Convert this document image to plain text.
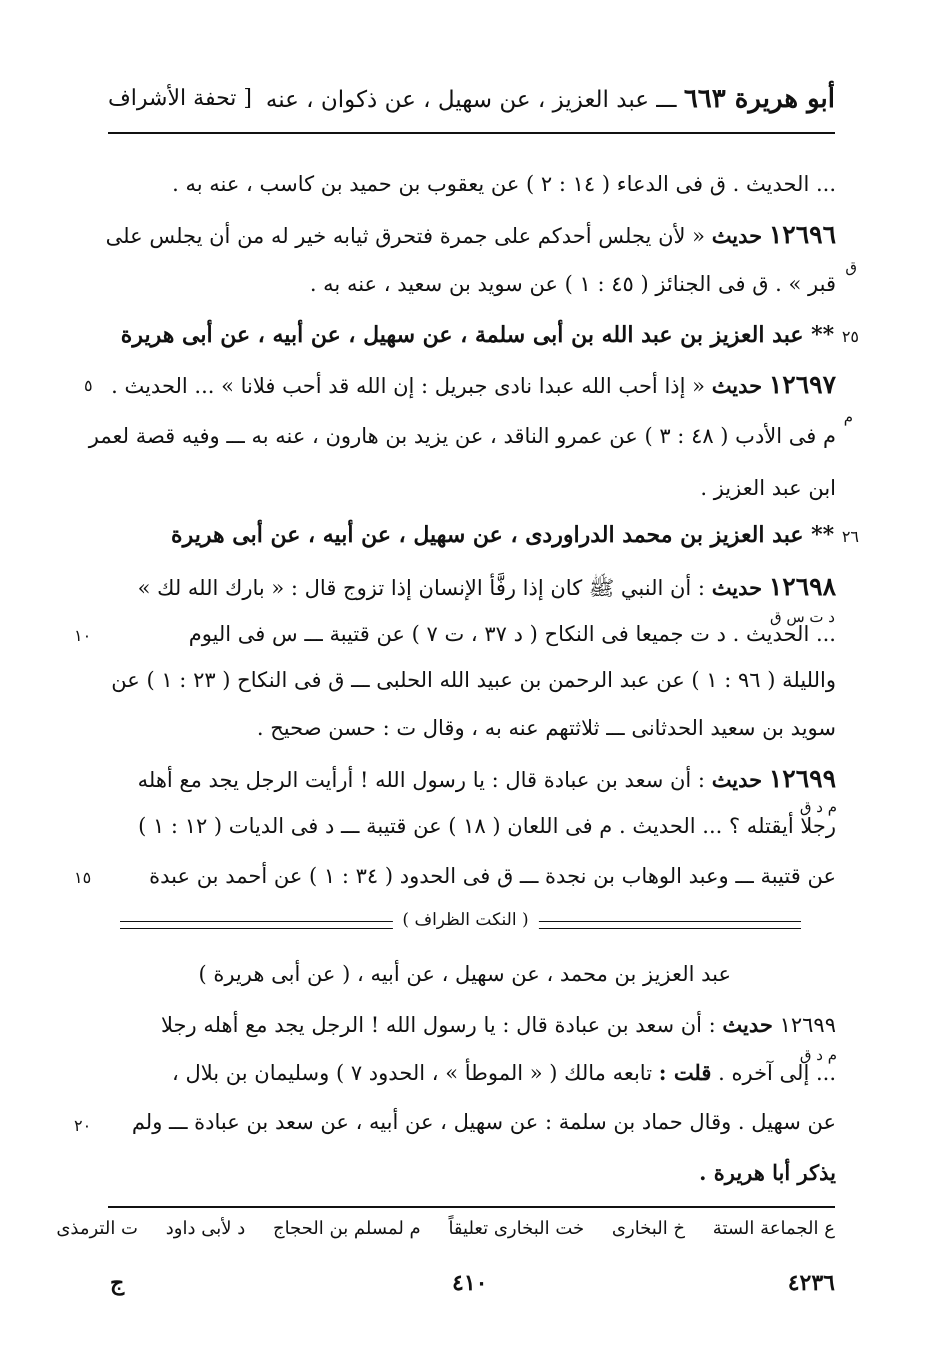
أبو هريرة ٦٦٣ ـــ عبد العزيز ، عن سهيل ، عن ذكوان ، عنه
[ تحفة الأشراف
... الحديث . ق فى الدعاء ( ١٤ : ٢ ) عن يعقوب بن حميد بن كاسب ، عنه به .
١٢٦٩٦ حديث « لأن يجلس أحدكم على جمرة فتحرق ثيابه خير له من أن يجلس على
قبر » . ق فى الجنائز ( ٤٥ : ١ ) عن سويد بن سعيد ، عنه به .
ق
٢٥ ** عبد العزيز بن عبد الله بن أبى سلمة ، عن سهيل ، عن أبيه ، عن أبى هريرة
١٢٦٩٧ حديث « إذا أحب الله عبدا نادى جبريل : إن الله قد أحب فلانا » ... الحديث .
٥
م
م فى الأدب ( ٤٨ : ٣ ) عن عمرو الناقد ، عن يزيد بن هارون ، عنه به ـــ وفيه قصة لعمر
ابن عبد العزيز .
٢٦ ** عبد العزيز بن محمد الدراوردى ، عن سهيل ، عن أبيه ، عن أبى هريرة
١٢٦٩٨ حديث : أن النبي ﷺ كان إذا رفَّأ الإنسان إذا تزوج قال : « بارك الله لك »
د ت س ق
... الحديث . د ت جميعا فى النكاح ( د ٣٧ ، ت ٧ ) عن قتيبة ـــ س فى اليوم
١٠
والليلة ( ٩٦ : ١ ) عن عبد الرحمن بن عبيد الله الحلبى ـــ ق فى النكاح ( ٢٣ : ١ ) عن
سويد بن سعيد الحدثانى ـــ ثلاثتهم عنه به ، وقال ت : حسن صحيح .
١٢٦٩٩ حديث : أن سعد بن عبادة قال : يا رسول الله ! أرأيت الرجل يجد مع أهله
م د ق
رجلا أيقتله ؟ ... الحديث . م فى اللعان ( ١٨ ) عن قتيبة ـــ د فى الديات ( ١٢ : ١ )
عن قتيبة ـــ وعبد الوهاب بن نجدة ـــ ق فى الحدود ( ٣٤ : ١ ) عن أحمد بن عبدة
١٥
( النكت الظراف )
عبد العزيز بن محمد ، عن سهيل ، عن أبيه ، ( عن أبى هريرة )
١٢٦٩٩ حديث : أن سعد بن عبادة قال : يا رسول الله ! الرجل يجد مع أهله رجلا
م د ق
... إلى آخره . قلت : تابعه مالك ( « الموطأ » ، الحدود ٧ ) وسليمان بن بلال ،
عن سهيل . وقال حماد بن سلمة : عن سهيل ، عن أبيه ، عن سعد بن عبادة ـــ ولم
٢٠
يذكر أبا هريرة .
ع الجماعة الستة خ البخارى خت البخارى تعليقاً م لمسلم بن الحجاج د لأبى داود ت الترمذى
٤٢٣٦
٤١٠
ج
